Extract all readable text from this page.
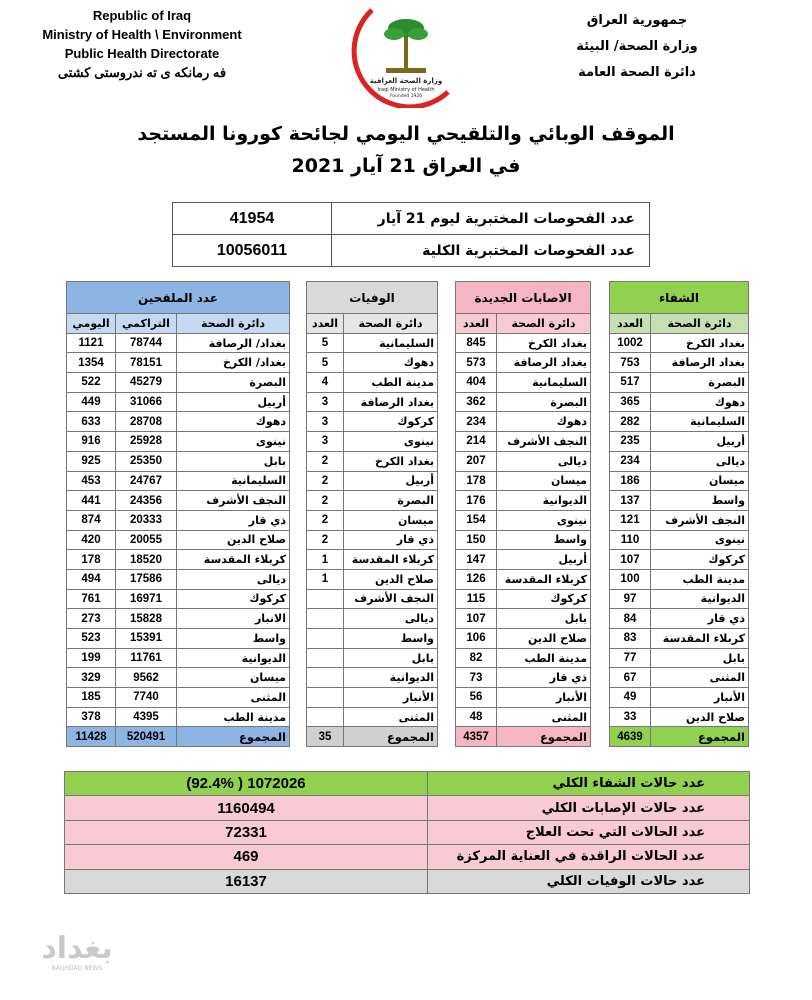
Republic of Iraq
Ministry of Health \ Environment
Public Health Directorate
فه رمانكه ى ته ندروستى كشتى
وزارة الصحة العراقية
Iraqi Ministry of Health
Founded 1920
جمهورية العراق
وزارة الصحة/ البيئة
دائرة الصحة العامة
الموقف الوبائي والتلقيحي اليومي لجائحة كورونا المستجد
في العراق 21 آيار 2021
عدد الفحوصات المختبرية ليوم 21 آيار	41954
عدد الفحوصات المختبرية الكلية	10056011
الشفاء	
دائرة الصحة	العدد
بغداد الكرخ	1002
بغداد الرصافة	753
البصرة	517
دهوك	365
السليمانية	282
أربيل	235
ديالى	234
ميسان	186
واسط	137
النجف الأشرف	121
نينوى	110
كركوك	107
مدينة الطب	100
الديوانية	97
ذي قار	84
كربلاء المقدسة	83
بابل	77
المثنى	67
الأنبار	49
صلاح الدين	33
المجموع	4639
الاصابات الجديدة	
دائرة الصحة	العدد
بغداد الكرخ	845
بغداد الرصافة	573
السليمانية	404
البصرة	362
دهوك	234
النجف الأشرف	214
ديالى	207
ميسان	178
الديوانية	176
نينوى	154
واسط	150
أربيل	147
كربلاء المقدسة	126
كركوك	115
بابل	107
صلاح الدين	106
مدينة الطب	82
ذي قار	73
الأنبار	56
المثنى	48
المجموع	4357
الوفيات	
دائرة الصحة	العدد
السليمانية	5
دهوك	5
مدينة الطب	4
بغداد الرصافة	3
كركوك	3
نينوى	3
بغداد الكرخ	2
أربيل	2
البصرة	2
ميسان	2
ذي قار	2
كربلاء المقدسة	1
صلاح الدين	1
النجف الأشرف	
ديالى	
واسط	
بابل	
الديوانية	
الأنبار	
المثنى	
المجموع	35
عدد الملقحين		
دائرة الصحة	التراكمي	اليومي
بغداد/ الرصافة	78744	1121
بغداد/ الكرخ	78151	1354
البصرة	45279	522
أربيل	31066	449
دهوك	28708	633
نينوى	25928	916
بابل	25350	925
السليمانية	24767	453
النجف الأشرف	24356	441
ذي قار	20333	874
صلاح الدين	20055	420
كربلاء المقدسة	18520	178
ديالى	17586	494
كركوك	16971	761
الانبار	15828	273
واسط	15391	523
الديوانية	11761	199
ميسان	9562	329
المثنى	7740	185
مدينة الطب	4395	378
المجموع	520491	11428
عدد حالات الشفاء الكلي	1072026 ( 92.4%)
عدد حالات الإصابات الكلي	1160494
عدد الحالات التي تحت العلاج	72331
عدد الحالات الراقدة في العناية المركزة	469
عدد حالات الوفيات الكلي	16137
بغداد
BAGHDAD NEWS
